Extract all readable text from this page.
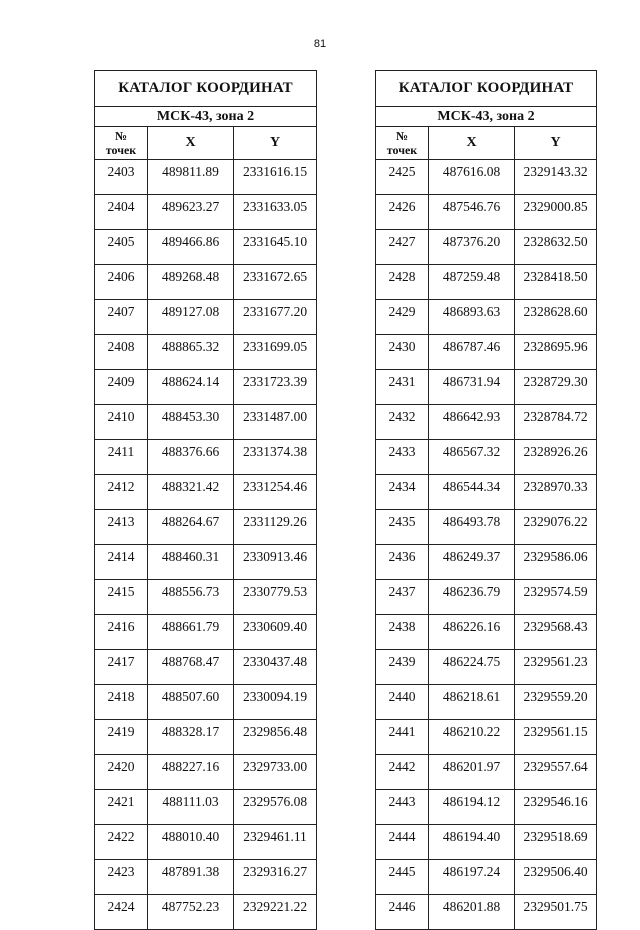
81
КАТАЛОГ КООРДИНАТ		
МСК-43, зона 2		
№
точек	X	Y
2403	489811.89	2331616.15
2404	489623.27	2331633.05
2405	489466.86	2331645.10
2406	489268.48	2331672.65
2407	489127.08	2331677.20
2408	488865.32	2331699.05
2409	488624.14	2331723.39
2410	488453.30	2331487.00
2411	488376.66	2331374.38
2412	488321.42	2331254.46
2413	488264.67	2331129.26
2414	488460.31	2330913.46
2415	488556.73	2330779.53
2416	488661.79	2330609.40
2417	488768.47	2330437.48
2418	488507.60	2330094.19
2419	488328.17	2329856.48
2420	488227.16	2329733.00
2421	488111.03	2329576.08
2422	488010.40	2329461.11
2423	487891.38	2329316.27
2424	487752.23	2329221.22
КАТАЛОГ КООРДИНАТ		
МСК-43, зона 2		
№
точек	X	Y
2425	487616.08	2329143.32
2426	487546.76	2329000.85
2427	487376.20	2328632.50
2428	487259.48	2328418.50
2429	486893.63	2328628.60
2430	486787.46	2328695.96
2431	486731.94	2328729.30
2432	486642.93	2328784.72
2433	486567.32	2328926.26
2434	486544.34	2328970.33
2435	486493.78	2329076.22
2436	486249.37	2329586.06
2437	486236.79	2329574.59
2438	486226.16	2329568.43
2439	486224.75	2329561.23
2440	486218.61	2329559.20
2441	486210.22	2329561.15
2442	486201.97	2329557.64
2443	486194.12	2329546.16
2444	486194.40	2329518.69
2445	486197.24	2329506.40
2446	486201.88	2329501.75
